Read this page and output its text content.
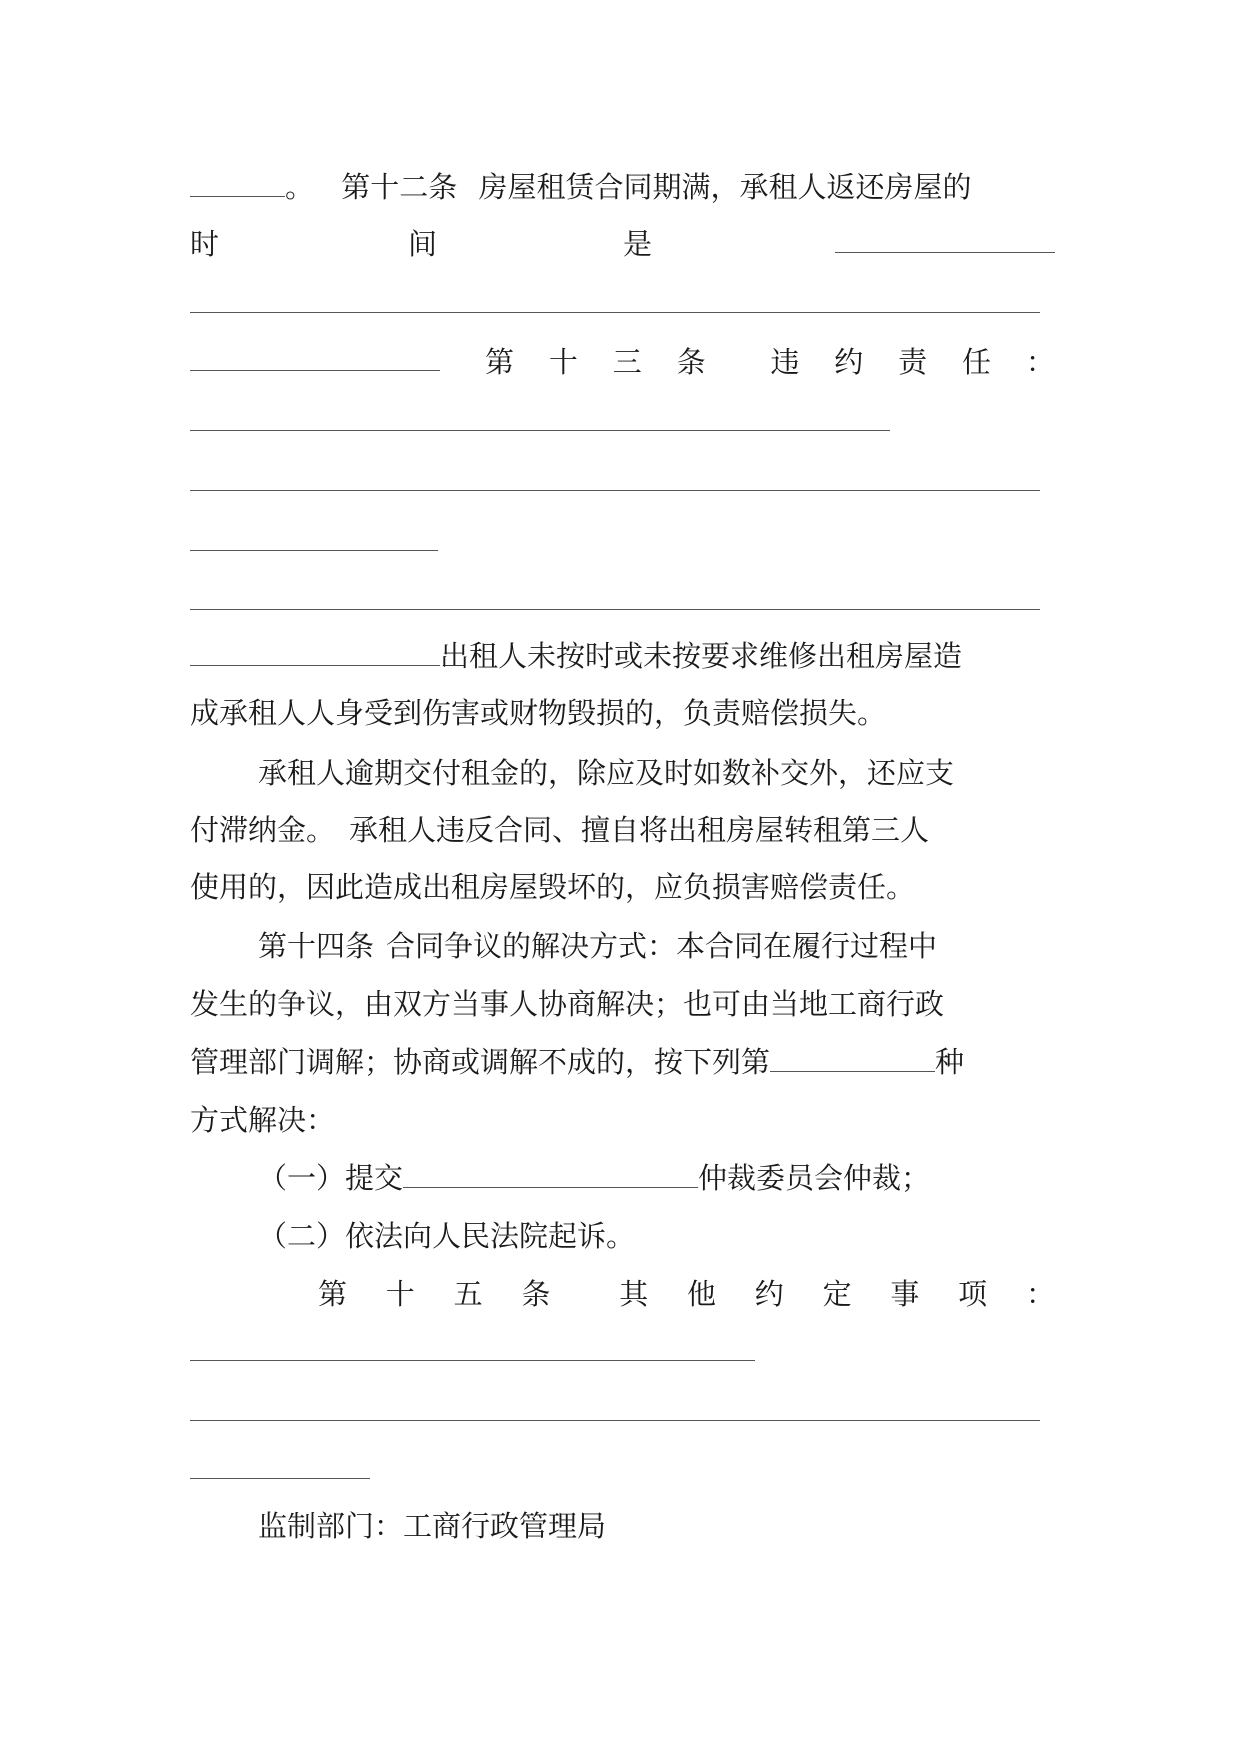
。 第十二条 房屋租赁合同期满，承租人返还房屋的
时	间	是
第 十 三 条 违 约 责 任 ：
出租人未按时或未按要求维修出租房屋造
成承租人人身受到伤害或财物毁损的，负责赔偿损失。
承租人逾期交付租金的，除应及时如数补交外，还应支
付滞纳金。 承租人违反合同、擅自将出租房屋转租第三人
使用的，因此造成出租房屋毁坏的，应负损害赔偿责任。
第十四条 合同争议的解决方式：本合同在履行过程中
发生的争议，由双方当事人协商解决；也可由当地工商行政
管理部门调解；协商或调解不成的，按下列第	种
方式解决：
（一）提交	仲裁委员会仲裁；
（二）依法向人民法院起诉。
第 十 五 条 其 他 约 定 事 项 ：
监制部门：工商行政管理局
